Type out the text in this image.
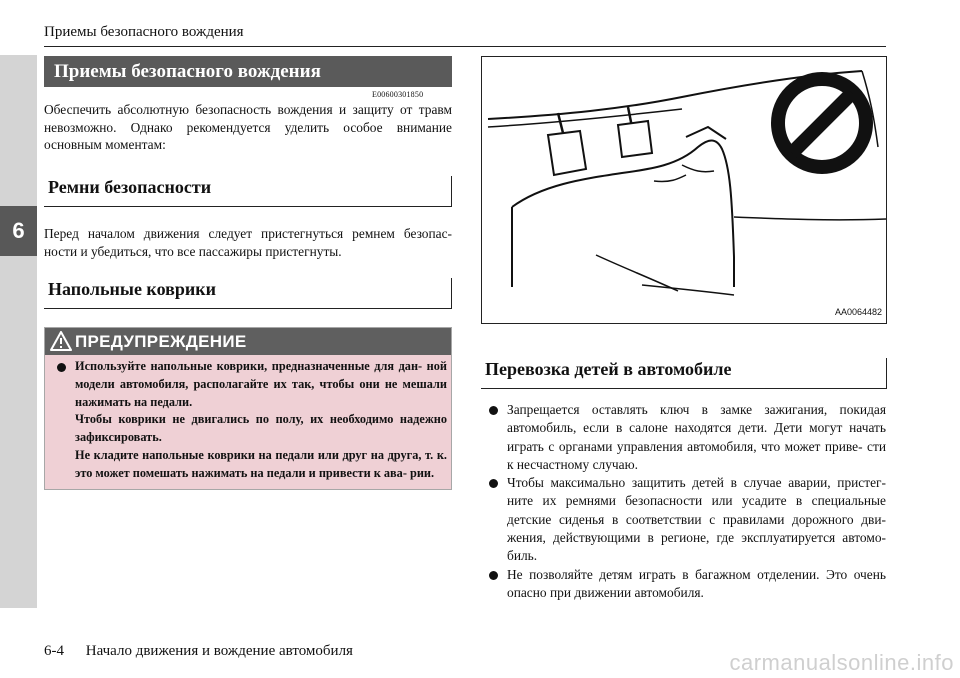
6
Приемы безопасного вождения
Приемы безопасного вождения
E00600301850
Обеспечить абсолютную безопасность вождения и защиту от травм невозможно. Однако рекомендуется уделить особое внимание основным моментам:
Ремни безопасности
Перед началом движения следует пристегнуться ремнем безопас- ности и убедиться, что все пассажиры пристегнуты.
Напольные коврики
ПРЕДУПРЕЖДЕНИЕ

Используйте напольные коврики, предназначенные для дан- ной модели автомобиля, располагайте их так, чтобы они не мешали нажимать на педали.

Чтобы коврики не двигались по полу, их необходимо надежно зафиксировать.

Не кладите напольные коврики на педали или друг на друга, т. к. это может помешать нажимать на педали и привести к ава- рии.

AA0064482
Перевозка детей в автомобиле

Запрещается оставлять ключ в замке зажигания, покидая автомобиль, если в салоне находятся дети. Дети могут начать играть с органами управления автомобиля, что может приве- сти к несчастному случаю.

Чтобы максимально защитить детей в случае аварии, пристег- ните их ремнями безопасности или усадите в специальные детские сиденья в соответствии с правилами дорожного дви- жения, действующими в регионе, где эксплуатируется автомо- биль.

Не позволяйте детям играть в багажном отделении. Это очень опасно при движении автомобиля.

6-4 Начало движения и вождение автомобиля	carmanualsonline.info
